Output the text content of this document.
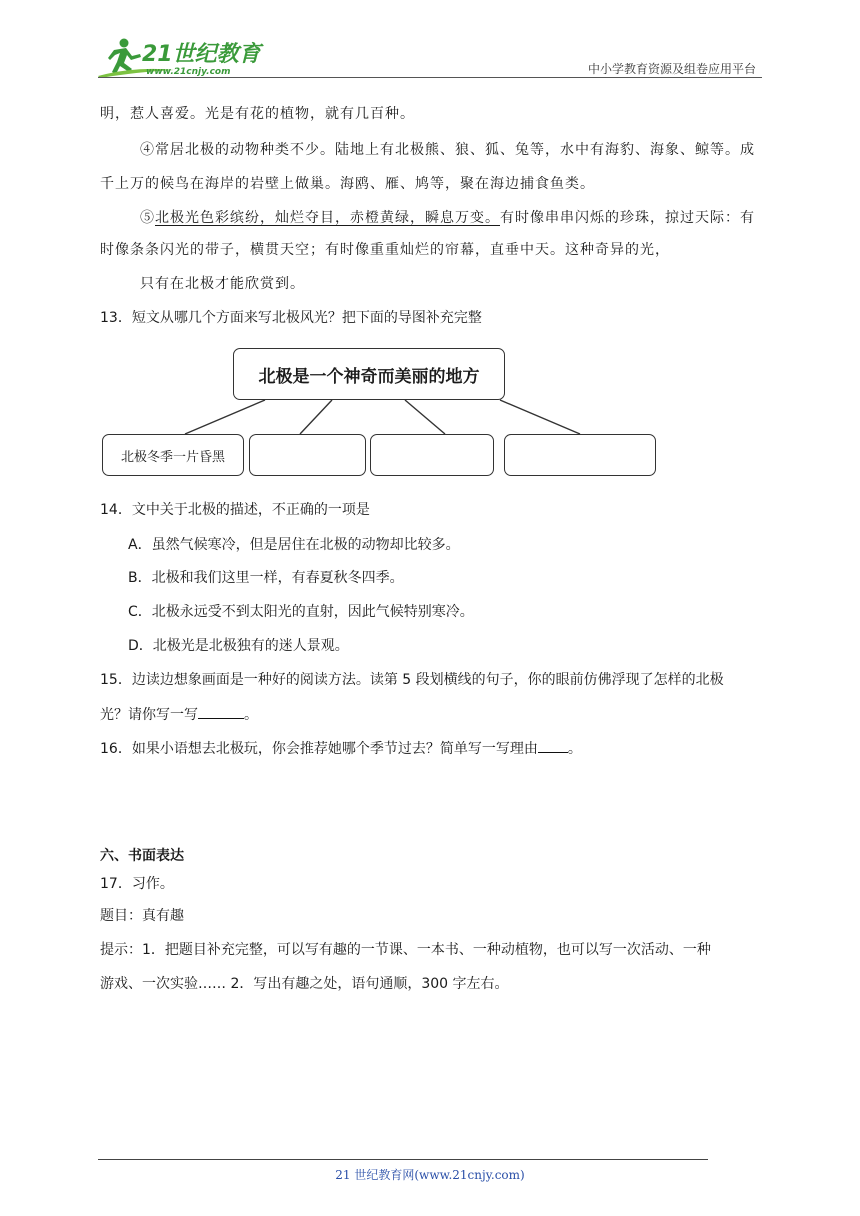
21世纪教育
www.21cnjy.com	中小学教育资源及组卷应用平台
明，惹人喜爱。光是有花的植物，就有几百种。
④常居北极的动物种类不少。陆地上有北极熊、狼、狐、兔等，水中有海豹、海象、鲸等。成
千上万的候鸟在海岸的岩壁上做巢。海鸥、雁、鸠等，聚在海边捕食鱼类。
⑤北极光色彩缤纷，灿烂夺目，赤橙黄绿，瞬息万变。有时像串串闪烁的珍珠，掠过天际：有
时像条条闪光的带子，横贯天空；有时像重重灿烂的帘幕，直垂中天。这种奇异的光，
只有在北极才能欣赏到。
13．短文从哪几个方面来写北极风光？把下面的导图补充完整
北极是一个神奇而美丽的地方
北极冬季一片昏黑
14．文中关于北极的描述，不正确的一项是
A．虽然气候寒冷，但是居住在北极的动物却比较多。
B．北极和我们这里一样，有春夏秋冬四季。
C．北极永远受不到太阳光的直射，因此气候特别寒冷。
D．北极光是北极独有的迷人景观。
15．边读边想象画面是一种好的阅读方法。读第 5 段划横线的句子，你的眼前仿佛浮现了怎样的北极
光？请你写一写	。
16．如果小语想去北极玩，你会推荐她哪个季节过去？简单写一写理由 。
六、书面表达
17．习作。
题目：真有趣
提示：1．把题目补充完整，可以写有趣的一节课、一本书、一种动植物，也可以写一次活动、一种
游戏、一次实验…… 2．写出有趣之处，语句通顺，300 字左右。
21 世纪教育网(www.21cnjy.com)
